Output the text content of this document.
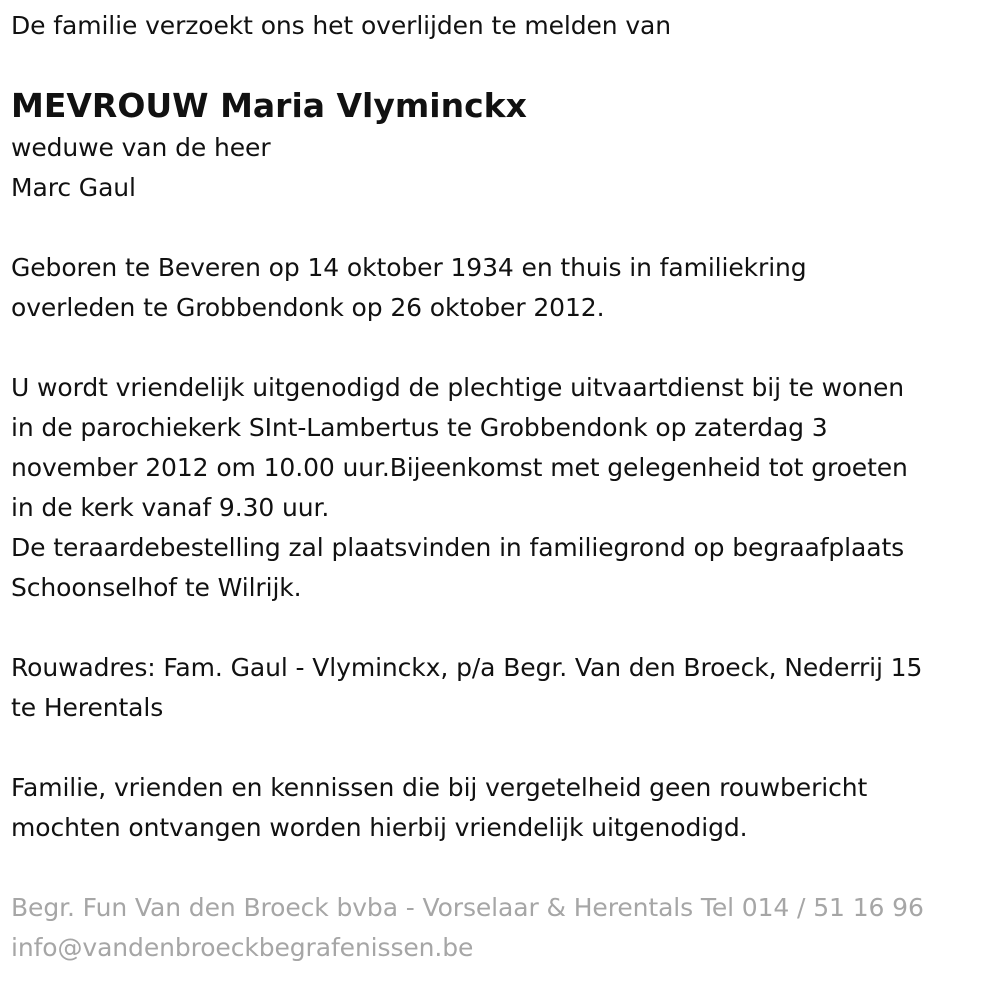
De familie verzoekt ons het overlijden te melden van
MEVROUW Maria Vlyminckx
weduwe van de heer
Marc Gaul
Geboren te Beveren op 14 oktober 1934 en thuis in familiekring
overleden te Grobbendonk op 26 oktober 2012.
U wordt vriendelijk uitgenodigd de plechtige uitvaartdienst bij te wonen
in de parochiekerk SInt-Lambertus te Grobbendonk op zaterdag 3
november 2012 om 10.00 uur.Bijeenkomst met gelegenheid tot groeten
in de kerk vanaf 9.30 uur.
De teraardebestelling zal plaatsvinden in familiegrond op begraafplaats
Schoonselhof te Wilrijk.
Rouwadres: Fam. Gaul - Vlyminckx, p/a Begr. Van den Broeck, Nederrij 15
te Herentals
Familie, vrienden en kennissen die bij vergetelheid geen rouwbericht
mochten ontvangen worden hierbij vriendelijk uitgenodigd.
Begr. Fun Van den Broeck bvba - Vorselaar & Herentals Tel 014 / 51 16 96
info@vandenbroeckbegrafenissen.be
